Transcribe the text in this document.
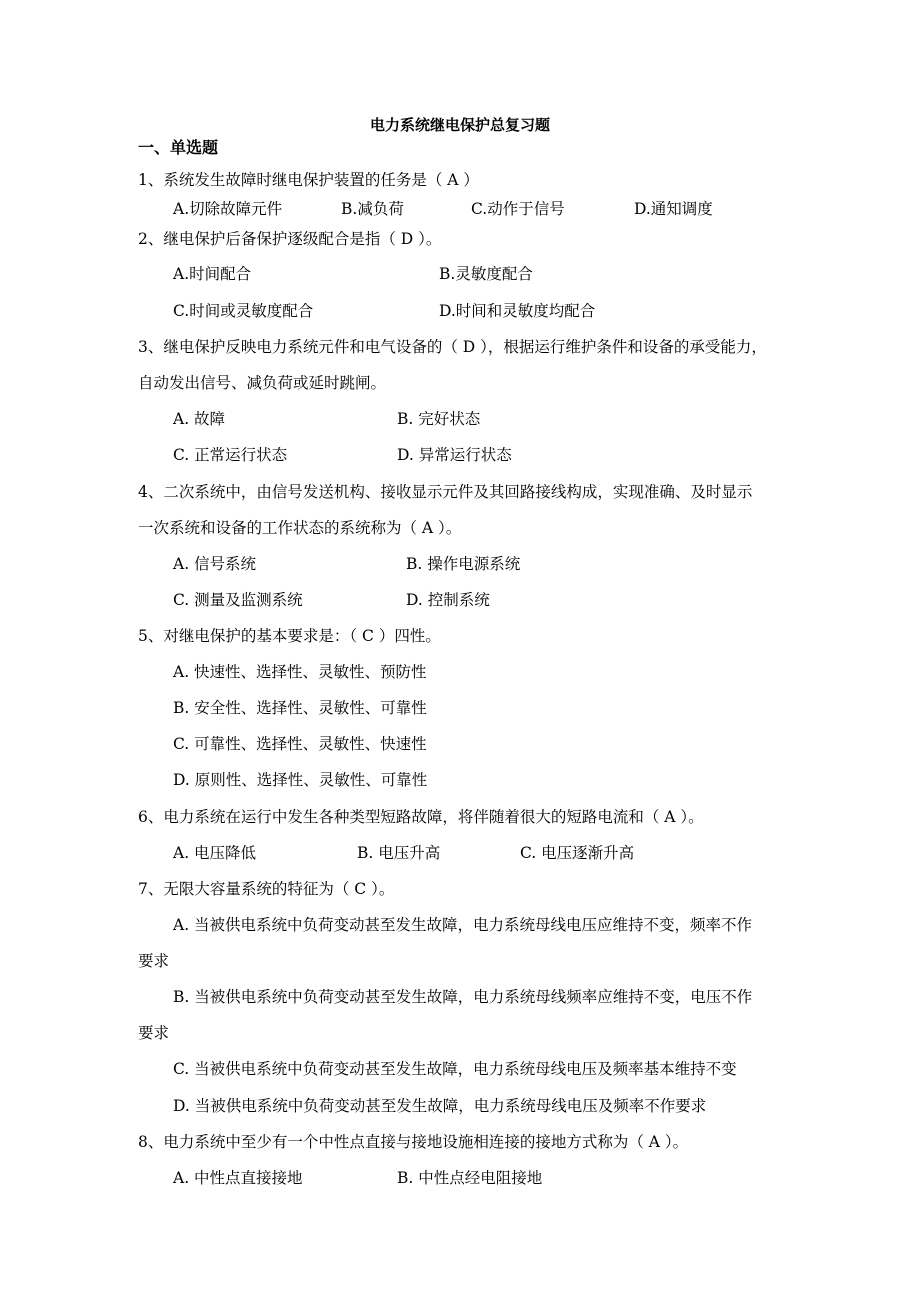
电力系统继电保护总复习题
一、单选题
1、系统发生故障时继电保护装置的任务是（ A ）
A.切除故障元件	B.减负荷	C.动作于信号	D.通知调度
2、继电保护后备保护逐级配合是指（ D ）。
A.时间配合	B.灵敏度配合
C.时间或灵敏度配合	D.时间和灵敏度均配合
3、继电保护反映电力系统元件和电气设备的（ D ），根据运行维护条件和设备的承受能力，
自动发出信号、减负荷或延时跳闸。
A. 故障	B. 完好状态
C. 正常运行状态	D. 异常运行状态
4、二次系统中，由信号发送机构、接收显示元件及其回路接线构成，实现准确、及时显示
一次系统和设备的工作状态的系统称为（ A ）。
A. 信号系统	B. 操作电源系统
C. 测量及监测系统	D. 控制系统
5、对继电保护的基本要求是：（ C ）四性。
A. 快速性、选择性、灵敏性、预防性
B. 安全性、选择性、灵敏性、可靠性
C. 可靠性、选择性、灵敏性、快速性
D. 原则性、选择性、灵敏性、可靠性
6、电力系统在运行中发生各种类型短路故障，将伴随着很大的短路电流和（ A ）。
A. 电压降低	B. 电压升高	C. 电压逐渐升高
7、无限大容量系统的特征为（ C ）。
A. 当被供电系统中负荷变动甚至发生故障，电力系统母线电压应维持不变，频率不作
要求
B. 当被供电系统中负荷变动甚至发生故障，电力系统母线频率应维持不变，电压不作
要求
C. 当被供电系统中负荷变动甚至发生故障，电力系统母线电压及频率基本维持不变
D. 当被供电系统中负荷变动甚至发生故障，电力系统母线电压及频率不作要求
8、电力系统中至少有一个中性点直接与接地设施相连接的接地方式称为（ A ）。
A. 中性点直接接地	B. 中性点经电阻接地
